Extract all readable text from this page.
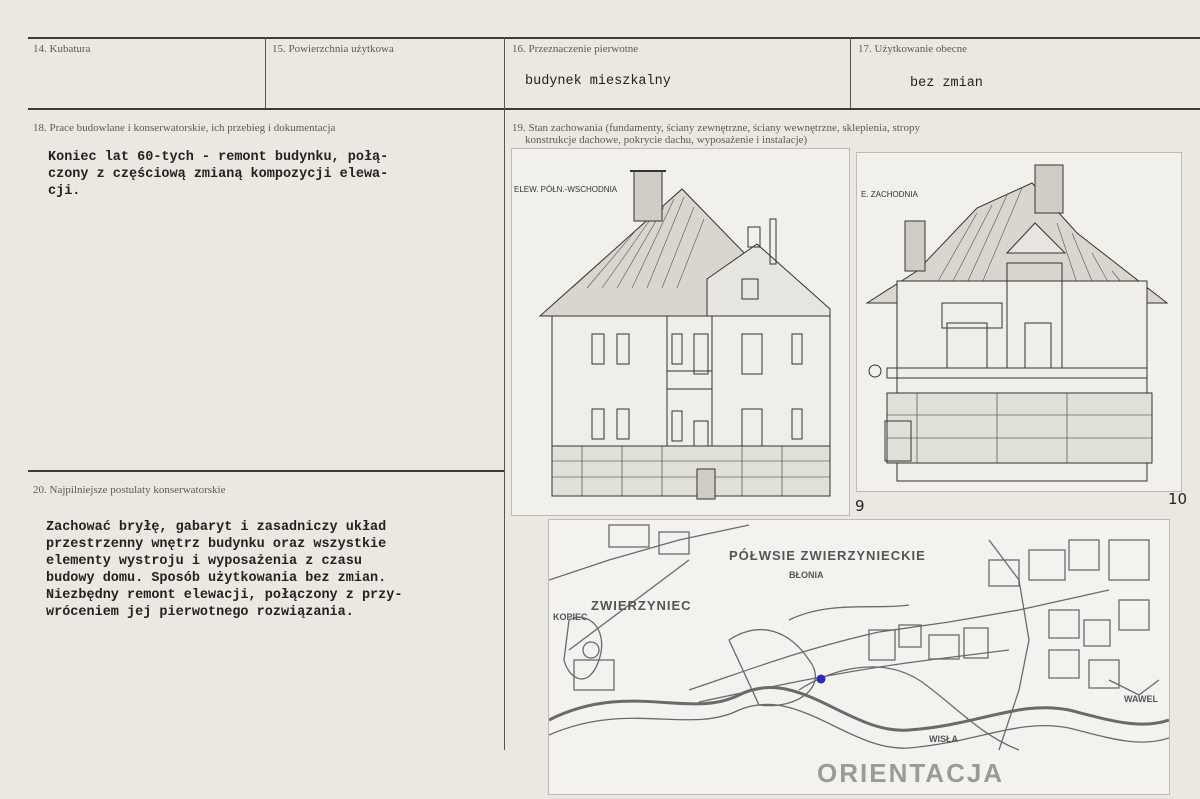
14. Kubatura	15. Powierzchnia użytkowa	16. Przeznaczenie pierwotne
budynek mieszkalny
17. Użytkowanie obecne
bez zmian
18. Prace budowlane i konserwatorskie, ich przebieg i dokumentacja
Koniec lat 60-tych - remont budynku, połą-
czony z częściową zmianą kompozycji elewa-
cji.
19. Stan zachowania (fundamenty, ściany zewnętrzne, ściany wewnętrzne, sklepienia, stropy
konstrukcje dachowe, pokrycie dachu, wyposażenie i instalacje)
20. Najpilniejsze postulaty konserwatorskie
Zachować bryłę, gabaryt i zasadniczy układ
przestrzenny wnętrz budynku oraz wszystkie
elementy wystroju i wyposażenia z czasu
budowy domu. Sposób użytkowania bez zmian.
Niezbędny remont elewacji, połączony z przy-
wróceniem jej pierwotnego rozwiązania.
ELEW. PÓŁN.-WSCHODNIA
9
E. ZACHODNIA
10
PÓŁWSIE ZWIERZYNIECKIE
BŁONIA
ZWIERZYNIEC
KOPIEC
WISŁA
WAWEL
ORIENTACJA
